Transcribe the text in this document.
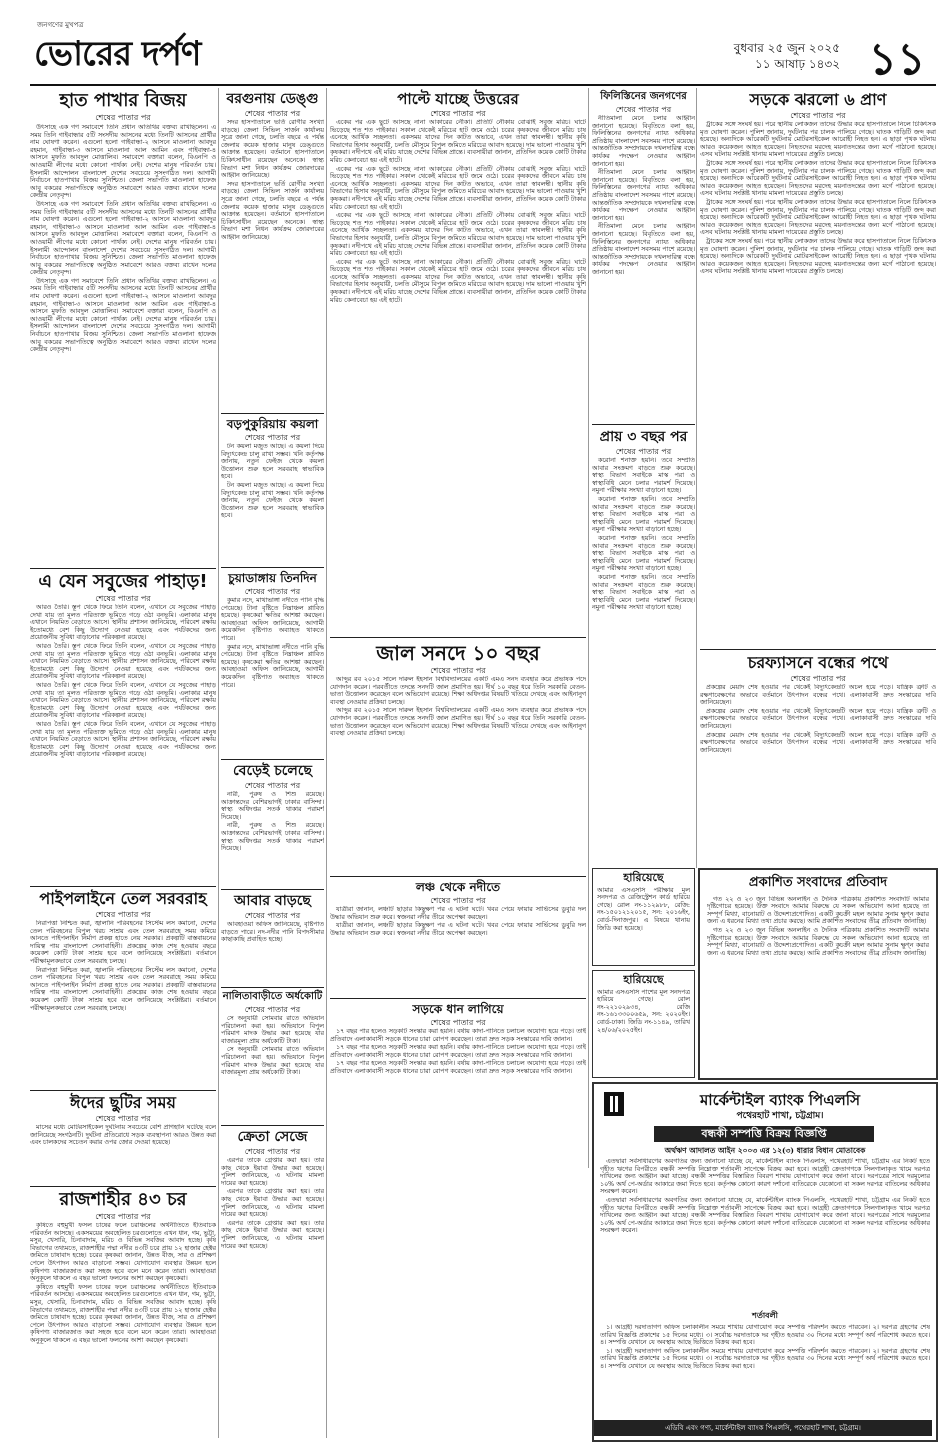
জনগণের মুখপত্র
ভোরের দর্পণ	বুধবার ২৫ জুন ২০২৫
১১ আষাঢ় ১৪৩২ ১১
হাত পাখার বিজয়
শেষের পাতার পর

উৎসাহে এক গণ সমাবেশে তিনি প্রধান অতিথির বক্তব্য রাখছিলেন। এ সময় তিনি গাইবান্ধার ৫টি সংসদীয় আসনের মধ্যে তিনটি আসনের প্রার্থীর নাম ঘোষণা করেন। এগুলো হলো গাইবান্ধা-২ আসনে মাওলানা আবদুর রহমান, গাইবান্ধা-৩ আসনে মাওলানা আল আমিন এবং গাইবান্ধা-৪ আসনে মুফতি আবদুল মোত্তালিব। সমাবেশে বক্তারা বলেন, বিএনপি ও আওয়ামী লীগের মধ্যে কোনো পার্থক্য নেই। দেশের মানুষ পরিবর্তন চায়। ইসলামী আন্দোলন বাংলাদেশ দেশের সবচেয়ে সুসংগঠিত দল। আগামী নির্বাচনে হাতপাখার বিজয় সুনিশ্চিত। জেলা সভাপতি মাওলানা হাফেজ আবু বকরের সভাপতিত্বে অনুষ্ঠিত সমাবেশে আরও বক্তব্য রাখেন দলের কেন্দ্রীয় নেতৃবৃন্দ।

উৎসাহে এক গণ সমাবেশে তিনি প্রধান অতিথির বক্তব্য রাখছিলেন। এ সময় তিনি গাইবান্ধার ৫টি সংসদীয় আসনের মধ্যে তিনটি আসনের প্রার্থীর নাম ঘোষণা করেন। এগুলো হলো গাইবান্ধা-২ আসনে মাওলানা আবদুর রহমান, গাইবান্ধা-৩ আসনে মাওলানা আল আমিন এবং গাইবান্ধা-৪ আসনে মুফতি আবদুল মোত্তালিব। সমাবেশে বক্তারা বলেন, বিএনপি ও আওয়ামী লীগের মধ্যে কোনো পার্থক্য নেই। দেশের মানুষ পরিবর্তন চায়। ইসলামী আন্দোলন বাংলাদেশ দেশের সবচেয়ে সুসংগঠিত দল। আগামী নির্বাচনে হাতপাখার বিজয় সুনিশ্চিত। জেলা সভাপতি মাওলানা হাফেজ আবু বকরের সভাপতিত্বে অনুষ্ঠিত সমাবেশে আরও বক্তব্য রাখেন দলের কেন্দ্রীয় নেতৃবৃন্দ।

উৎসাহে এক গণ সমাবেশে তিনি প্রধান অতিথির বক্তব্য রাখছিলেন। এ সময় তিনি গাইবান্ধার ৫টি সংসদীয় আসনের মধ্যে তিনটি আসনের প্রার্থীর নাম ঘোষণা করেন। এগুলো হলো গাইবান্ধা-২ আসনে মাওলানা আবদুর রহমান, গাইবান্ধা-৩ আসনে মাওলানা আল আমিন এবং গাইবান্ধা-৪ আসনে মুফতি আবদুল মোত্তালিব। সমাবেশে বক্তারা বলেন, বিএনপি ও আওয়ামী লীগের মধ্যে কোনো পার্থক্য নেই। দেশের মানুষ পরিবর্তন চায়। ইসলামী আন্দোলন বাংলাদেশ দেশের সবচেয়ে সুসংগঠিত দল। আগামী নির্বাচনে হাতপাখার বিজয় সুনিশ্চিত। জেলা সভাপতি মাওলানা হাফেজ আবু বকরের সভাপতিত্বে অনুষ্ঠিত সমাবেশে আরও বক্তব্য রাখেন দলের কেন্দ্রীয় নেতৃবৃন্দ।

এ যেন সবুজের পাহাড়!
শেষের পাতার পর

আরও তৈরি। স্তূপ থেকে ফিরে তিনি বলেন, এখানে যে সবুজের পাহাড় দেখা যায় তা মূলত পরিত্যক্ত ভূমিতে গড়ে ওঠা বনভূমি। এলাকার মানুষ এখানে নিয়মিত বেড়াতে আসে। স্থানীয় প্রশাসন জানিয়েছে, পরিবেশ রক্ষায় ইতোমধ্যে বেশ কিছু উদ্যোগ নেওয়া হয়েছে এবং পর্যটকদের জন্য প্রয়োজনীয় সুবিধা বাড়ানোর পরিকল্পনা রয়েছে।

আরও তৈরি। স্তূপ থেকে ফিরে তিনি বলেন, এখানে যে সবুজের পাহাড় দেখা যায় তা মূলত পরিত্যক্ত ভূমিতে গড়ে ওঠা বনভূমি। এলাকার মানুষ এখানে নিয়মিত বেড়াতে আসে। স্থানীয় প্রশাসন জানিয়েছে, পরিবেশ রক্ষায় ইতোমধ্যে বেশ কিছু উদ্যোগ নেওয়া হয়েছে এবং পর্যটকদের জন্য প্রয়োজনীয় সুবিধা বাড়ানোর পরিকল্পনা রয়েছে।

আরও তৈরি। স্তূপ থেকে ফিরে তিনি বলেন, এখানে যে সবুজের পাহাড় দেখা যায় তা মূলত পরিত্যক্ত ভূমিতে গড়ে ওঠা বনভূমি। এলাকার মানুষ এখানে নিয়মিত বেড়াতে আসে। স্থানীয় প্রশাসন জানিয়েছে, পরিবেশ রক্ষায় ইতোমধ্যে বেশ কিছু উদ্যোগ নেওয়া হয়েছে এবং পর্যটকদের জন্য প্রয়োজনীয় সুবিধা বাড়ানোর পরিকল্পনা রয়েছে।

আরও তৈরি। স্তূপ থেকে ফিরে তিনি বলেন, এখানে যে সবুজের পাহাড় দেখা যায় তা মূলত পরিত্যক্ত ভূমিতে গড়ে ওঠা বনভূমি। এলাকার মানুষ এখানে নিয়মিত বেড়াতে আসে। স্থানীয় প্রশাসন জানিয়েছে, পরিবেশ রক্ষায় ইতোমধ্যে বেশ কিছু উদ্যোগ নেওয়া হয়েছে এবং পর্যটকদের জন্য প্রয়োজনীয় সুবিধা বাড়ানোর পরিকল্পনা রয়েছে।

পাইপলাইনে তেল সরবরাহ
শেষের পাতার পর

নিরাপত্তা নিশ্চিত করা, জ্বালানি পরিবহনের সিস্টেম লস কমানো, দেশের তেল পরিবহনের বিপুল খরচ সাশ্রয় এবং তেল সরবরাহে সময় কমিয়ে আনতে পাইপলাইন নির্মাণ প্রকল্প হাতে নেয় সরকার। প্রকল্পটি বাস্তবায়নের দায়িত্ব পায় বাংলাদেশ সেনাবাহিনী। প্রকল্পের কাজ শেষ হওয়ায় বছরে কয়েকশ কোটি টাকা সাশ্রয় হবে বলে জানিয়েছে সংশ্লিষ্টরা। বর্তমানে পরীক্ষামূলকভাবে তেল সরবরাহ চলছে।

নিরাপত্তা নিশ্চিত করা, জ্বালানি পরিবহনের সিস্টেম লস কমানো, দেশের তেল পরিবহনের বিপুল খরচ সাশ্রয় এবং তেল সরবরাহে সময় কমিয়ে আনতে পাইপলাইন নির্মাণ প্রকল্প হাতে নেয় সরকার। প্রকল্পটি বাস্তবায়নের দায়িত্ব পায় বাংলাদেশ সেনাবাহিনী। প্রকল্পের কাজ শেষ হওয়ায় বছরে কয়েকশ কোটি টাকা সাশ্রয় হবে বলে জানিয়েছে সংশ্লিষ্টরা। বর্তমানে পরীক্ষামূলকভাবে তেল সরবরাহ চলছে।

ঈদের ছুটির সময়
শেষের পাতার পর

মাসের মধ্যে মোটরসাইকেল দুর্ঘটনায় সবচেয়ে বেশি প্রাণহানি ঘটেছে বলে জানিয়েছে সংগঠনটি। দুর্ঘটনা প্রতিরোধে সড়ক ব্যবস্থাপনা আরও উন্নত করা এবং চালকদের সচেতন করার ওপর জোর দেওয়া হয়েছে।

রাজশাহীর ৪৩ চর
শেষের পাতার পর

কৃষিতে বহুমুখী ফসল চাষের ফলে চরাঞ্চলের অর্থনীতিতে ইতিবাচক পরিবর্তন আসছে। একসময়ের অবহেলিত চরগুলোতে এখন ধান, গম, ভুট্টা, মসুর, খেসারি, চিনাবাদাম, মরিচ ও বিভিন্ন সবজির আবাদ হচ্ছে। কৃষি বিভাগের তথ্যমতে, রাজশাহীর পদ্মা নদীর ৪৩টি চরে প্রায় ১২ হাজার হেক্টর জমিতে চাষাবাদ হচ্ছে। চরের কৃষকরা জানান, উন্নত বীজ, সার ও প্রশিক্ষণ পেলে উৎপাদন আরও বাড়ানো সম্ভব। যোগাযোগ ব্যবস্থার উন্নয়ন হলে কৃষিপণ্য বাজারজাত করা সহজ হবে বলে মনে করেন তারা। আবহাওয়া অনুকূলে থাকলে এ বছর ভালো ফলনের আশা করছেন কৃষকেরা।

কৃষিতে বহুমুখী ফসল চাষের ফলে চরাঞ্চলের অর্থনীতিতে ইতিবাচক পরিবর্তন আসছে। একসময়ের অবহেলিত চরগুলোতে এখন ধান, গম, ভুট্টা, মসুর, খেসারি, চিনাবাদাম, মরিচ ও বিভিন্ন সবজির আবাদ হচ্ছে। কৃষি বিভাগের তথ্যমতে, রাজশাহীর পদ্মা নদীর ৪৩টি চরে প্রায় ১২ হাজার হেক্টর জমিতে চাষাবাদ হচ্ছে। চরের কৃষকরা জানান, উন্নত বীজ, সার ও প্রশিক্ষণ পেলে উৎপাদন আরও বাড়ানো সম্ভব। যোগাযোগ ব্যবস্থার উন্নয়ন হলে কৃষিপণ্য বাজারজাত করা সহজ হবে বলে মনে করেন তারা। আবহাওয়া অনুকূলে থাকলে এ বছর ভালো ফলনের আশা করছেন কৃষকেরা।

বরগুনায় ডেঙ্গু
শেষের পাতার পর

সদর হাসপাতালে ভর্তি রোগীর সংখ্যা বাড়ছে। জেলা সিভিল সার্জন কার্যালয় সূত্রে জানা গেছে, চলতি বছরে এ পর্যন্ত জেলায় কয়েক হাজার মানুষ ডেঙ্গুতে আক্রান্ত হয়েছেন। বর্তমানে হাসপাতালে চিকিৎসাধীন রয়েছেন অনেকে। স্বাস্থ্য বিভাগ মশা নিধন কার্যক্রম জোরদারের আহ্বান জানিয়েছে।

সদর হাসপাতালে ভর্তি রোগীর সংখ্যা বাড়ছে। জেলা সিভিল সার্জন কার্যালয় সূত্রে জানা গেছে, চলতি বছরে এ পর্যন্ত জেলায় কয়েক হাজার মানুষ ডেঙ্গুতে আক্রান্ত হয়েছেন। বর্তমানে হাসপাতালে চিকিৎসাধীন রয়েছেন অনেকে। স্বাস্থ্য বিভাগ মশা নিধন কার্যক্রম জোরদারের আহ্বান জানিয়েছে।

বড়পুকুরিয়ায় কয়লা
শেষের পাতার পর

টন কয়লা মজুত আছে। এ কয়লা দিয়ে বিদ্যুৎকেন্দ্র চালু রাখা সম্ভব। খনি কর্তৃপক্ষ জানায়, নতুন ফেইজ থেকে কয়লা উত্তোলন শুরু হলে সরবরাহ স্বাভাবিক হবে।

টন কয়লা মজুত আছে। এ কয়লা দিয়ে বিদ্যুৎকেন্দ্র চালু রাখা সম্ভব। খনি কর্তৃপক্ষ জানায়, নতুন ফেইজ থেকে কয়লা উত্তোলন শুরু হলে সরবরাহ স্বাভাবিক হবে।

চুয়াডাঙ্গায় তিনদিন
শেষের পাতার পর

কুমার নদে, মাথাভাঙ্গা নদীতে পানি বৃদ্ধি পেয়েছে। টানা বৃষ্টিতে নিম্নাঞ্চল প্লাবিত হয়েছে। কৃষকেরা ক্ষতির আশঙ্কা করছেন। আবহাওয়া অফিস জানিয়েছে, আগামী কয়েকদিন বৃষ্টিপাত অব্যাহত থাকতে পারে।

কুমার নদে, মাথাভাঙ্গা নদীতে পানি বৃদ্ধি পেয়েছে। টানা বৃষ্টিতে নিম্নাঞ্চল প্লাবিত হয়েছে। কৃষকেরা ক্ষতির আশঙ্কা করছেন। আবহাওয়া অফিস জানিয়েছে, আগামী কয়েকদিন বৃষ্টিপাত অব্যাহত থাকতে পারে।

বেড়েই চলেছে
শেষের পাতার পর

নারী, পুরুষ ও শিশু রয়েছে। আক্রান্তদের বেশিরভাগই ঢাকার বাসিন্দা। স্বাস্থ্য অধিদপ্তর সতর্ক থাকার পরামর্শ দিয়েছে।

নারী, পুরুষ ও শিশু রয়েছে। আক্রান্তদের বেশিরভাগই ঢাকার বাসিন্দা। স্বাস্থ্য অধিদপ্তর সতর্ক থাকার পরামর্শ দিয়েছে।

আবার বাড়ছে
শেষের পাতার পর

আবহাওয়া অফিস জানিয়েছে, বৃষ্টিপাত বাড়তে পারে। নদ-নদীর পানি বিপদসীমার কাছাকাছি প্রবাহিত হচ্ছে।

নালিতাবাড়ীতে অর্ধকোটি
শেষের পাতার পর

সে অনুযায়ী সোমবার রাতে অভিযান পরিচালনা করা হয়। অভিযানে বিপুল পরিমাণ মাদক উদ্ধার করা হয়েছে যার বাজারমূল্য প্রায় অর্ধকোটি টাকা।

সে অনুযায়ী সোমবার রাতে অভিযান পরিচালনা করা হয়। অভিযানে বিপুল পরিমাণ মাদক উদ্ধার করা হয়েছে যার বাজারমূল্য প্রায় অর্ধকোটি টাকা।

ক্রেতা সেজে
শেষের পাতার পর

এরপর তাকে গ্রেপ্তার করা হয়। তার কাছ থেকে ইয়াবা উদ্ধার করা হয়েছে। পুলিশ জানিয়েছে, এ ঘটনায় মামলা দায়ের করা হয়েছে।

এরপর তাকে গ্রেপ্তার করা হয়। তার কাছ থেকে ইয়াবা উদ্ধার করা হয়েছে। পুলিশ জানিয়েছে, এ ঘটনায় মামলা দায়ের করা হয়েছে।

এরপর তাকে গ্রেপ্তার করা হয়। তার কাছ থেকে ইয়াবা উদ্ধার করা হয়েছে। পুলিশ জানিয়েছে, এ ঘটনায় মামলা দায়ের করা হয়েছে।

পাল্টে যাচ্ছে উত্তরের
শেষের পাতার পর

একের পর এক ছুটে আসছে নানা আকারের নৌকা। প্রতিটি নৌকায় বোঝাই সবুজ মরিচ। ঘাটে ভিড়েছে শত শত পাইকার। সকাল থেকেই মরিচের হাট জমে ওঠে। চরের কৃষকদের জীবনে মরিচ চাষ এনেছে আর্থিক সচ্ছলতা। একসময় যাদের দিন কাটত অভাবে, এখন তারা স্বাবলম্বী। স্থানীয় কৃষি বিভাগের হিসাব অনুযায়ী, চলতি মৌসুমে বিপুল জমিতে মরিচের আবাদ হয়েছে। দাম ভালো পাওয়ায় খুশি কৃষকরা। নদীপথে এই মরিচ যাচ্ছে দেশের বিভিন্ন প্রান্তে। ব্যবসায়ীরা জানান, প্রতিদিন কয়েক কোটি টাকার মরিচ কেনাবেচা হয় এই হাটে।

একের পর এক ছুটে আসছে নানা আকারের নৌকা। প্রতিটি নৌকায় বোঝাই সবুজ মরিচ। ঘাটে ভিড়েছে শত শত পাইকার। সকাল থেকেই মরিচের হাট জমে ওঠে। চরের কৃষকদের জীবনে মরিচ চাষ এনেছে আর্থিক সচ্ছলতা। একসময় যাদের দিন কাটত অভাবে, এখন তারা স্বাবলম্বী। স্থানীয় কৃষি বিভাগের হিসাব অনুযায়ী, চলতি মৌসুমে বিপুল জমিতে মরিচের আবাদ হয়েছে। দাম ভালো পাওয়ায় খুশি কৃষকরা। নদীপথে এই মরিচ যাচ্ছে দেশের বিভিন্ন প্রান্তে। ব্যবসায়ীরা জানান, প্রতিদিন কয়েক কোটি টাকার মরিচ কেনাবেচা হয় এই হাটে।

একের পর এক ছুটে আসছে নানা আকারের নৌকা। প্রতিটি নৌকায় বোঝাই সবুজ মরিচ। ঘাটে ভিড়েছে শত শত পাইকার। সকাল থেকেই মরিচের হাট জমে ওঠে। চরের কৃষকদের জীবনে মরিচ চাষ এনেছে আর্থিক সচ্ছলতা। একসময় যাদের দিন কাটত অভাবে, এখন তারা স্বাবলম্বী। স্থানীয় কৃষি বিভাগের হিসাব অনুযায়ী, চলতি মৌসুমে বিপুল জমিতে মরিচের আবাদ হয়েছে। দাম ভালো পাওয়ায় খুশি কৃষকরা। নদীপথে এই মরিচ যাচ্ছে দেশের বিভিন্ন প্রান্তে। ব্যবসায়ীরা জানান, প্রতিদিন কয়েক কোটি টাকার মরিচ কেনাবেচা হয় এই হাটে।

একের পর এক ছুটে আসছে নানা আকারের নৌকা। প্রতিটি নৌকায় বোঝাই সবুজ মরিচ। ঘাটে ভিড়েছে শত শত পাইকার। সকাল থেকেই মরিচের হাট জমে ওঠে। চরের কৃষকদের জীবনে মরিচ চাষ এনেছে আর্থিক সচ্ছলতা। একসময় যাদের দিন কাটত অভাবে, এখন তারা স্বাবলম্বী। স্থানীয় কৃষি বিভাগের হিসাব অনুযায়ী, চলতি মৌসুমে বিপুল জমিতে মরিচের আবাদ হয়েছে। দাম ভালো পাওয়ায় খুশি কৃষকরা। নদীপথে এই মরিচ যাচ্ছে দেশের বিভিন্ন প্রান্তে। ব্যবসায়ীরা জানান, প্রতিদিন কয়েক কোটি টাকার মরিচ কেনাবেচা হয় এই হাটে।

জাল সনদে ১০ বছর
শেষের পাতার পর

আব্দুর রব ২০১৫ সালে দারুল ইহসান বিশ্ববিদ্যালয়ের একটি এমএ সনদ ব্যবহার করে প্রভাষক পদে যোগদান করেন। পরবর্তীতে তদন্তে সনদটি জাল প্রমাণিত হয়। দীর্ঘ ১০ বছর ধরে তিনি সরকারি বেতন-ভাতা উত্তোলন করেছেন বলে অভিযোগ রয়েছে। শিক্ষা অধিদপ্তর বিষয়টি খতিয়ে দেখছে এবং আইনানুগ ব্যবস্থা নেওয়ার প্রক্রিয়া চলছে।

আব্দুর রব ২০১৫ সালে দারুল ইহসান বিশ্ববিদ্যালয়ের একটি এমএ সনদ ব্যবহার করে প্রভাষক পদে যোগদান করেন। পরবর্তীতে তদন্তে সনদটি জাল প্রমাণিত হয়। দীর্ঘ ১০ বছর ধরে তিনি সরকারি বেতন-ভাতা উত্তোলন করেছেন বলে অভিযোগ রয়েছে। শিক্ষা অধিদপ্তর বিষয়টি খতিয়ে দেখছে এবং আইনানুগ ব্যবস্থা নেওয়ার প্রক্রিয়া চলছে।

লঞ্চ থেকে নদীতে
শেষের পাতার পর

যাত্রীরা জানান, লঞ্চটি ছাড়ার কিছুক্ষণ পর এ ঘটনা ঘটে। খবর পেয়ে ফায়ার সার্ভিসের ডুবুরি দল উদ্ধার অভিযান শুরু করে। স্বজনরা নদীর তীরে অপেক্ষা করছেন।

যাত্রীরা জানান, লঞ্চটি ছাড়ার কিছুক্ষণ পর এ ঘটনা ঘটে। খবর পেয়ে ফায়ার সার্ভিসের ডুবুরি দল উদ্ধার অভিযান শুরু করে। স্বজনরা নদীর তীরে অপেক্ষা করছেন।

সড়কে ধান লাগিয়ে
শেষের পাতার পর

১৭ বছর পার হলেও সড়কটি সংস্কার করা হয়নি। বর্ষায় কাদা-পানিতে চলাচল অযোগ্য হয়ে পড়ে। তাই প্রতিবাদে এলাকাবাসী সড়কে ধানের চারা রোপণ করেছেন। তারা দ্রুত সড়ক সংস্কারের দাবি জানান।

১৭ বছর পার হলেও সড়কটি সংস্কার করা হয়নি। বর্ষায় কাদা-পানিতে চলাচল অযোগ্য হয়ে পড়ে। তাই প্রতিবাদে এলাকাবাসী সড়কে ধানের চারা রোপণ করেছেন। তারা দ্রুত সড়ক সংস্কারের দাবি জানান।

১৭ বছর পার হলেও সড়কটি সংস্কার করা হয়নি। বর্ষায় কাদা-পানিতে চলাচল অযোগ্য হয়ে পড়ে। তাই প্রতিবাদে এলাকাবাসী সড়কে ধানের চারা রোপণ করেছেন। তারা দ্রুত সড়ক সংস্কারের দাবি জানান।

ফিলিস্তিনের জনগণের
শেষের পাতার পর

নীতিমালা মেনে চলার আহ্বান জানানো হয়েছে। বিবৃতিতে বলা হয়, ফিলিস্তিনের জনগণের ন্যায্য অধিকার প্রতিষ্ঠায় বাংলাদেশ সবসময় পাশে রয়েছে। আন্তর্জাতিক সম্প্রদায়কে দখলদারিত্ব বন্ধে কার্যকর পদক্ষেপ নেওয়ার আহ্বান জানানো হয়।

নীতিমালা মেনে চলার আহ্বান জানানো হয়েছে। বিবৃতিতে বলা হয়, ফিলিস্তিনের জনগণের ন্যায্য অধিকার প্রতিষ্ঠায় বাংলাদেশ সবসময় পাশে রয়েছে। আন্তর্জাতিক সম্প্রদায়কে দখলদারিত্ব বন্ধে কার্যকর পদক্ষেপ নেওয়ার আহ্বান জানানো হয়।

নীতিমালা মেনে চলার আহ্বান জানানো হয়েছে। বিবৃতিতে বলা হয়, ফিলিস্তিনের জনগণের ন্যায্য অধিকার প্রতিষ্ঠায় বাংলাদেশ সবসময় পাশে রয়েছে। আন্তর্জাতিক সম্প্রদায়কে দখলদারিত্ব বন্ধে কার্যকর পদক্ষেপ নেওয়ার আহ্বান জানানো হয়।

প্রায় ৩ বছর পর
শেষের পাতার পর

করোনা শনাক্ত হয়নি। তবে সম্প্রতি আবার সংক্রমণ বাড়তে শুরু করেছে। স্বাস্থ্য বিভাগ সবাইকে মাস্ক পরা ও স্বাস্থ্যবিধি মেনে চলার পরামর্শ দিয়েছে। নমুনা পরীক্ষার সংখ্যা বাড়ানো হচ্ছে।

করোনা শনাক্ত হয়নি। তবে সম্প্রতি আবার সংক্রমণ বাড়তে শুরু করেছে। স্বাস্থ্য বিভাগ সবাইকে মাস্ক পরা ও স্বাস্থ্যবিধি মেনে চলার পরামর্শ দিয়েছে। নমুনা পরীক্ষার সংখ্যা বাড়ানো হচ্ছে।

করোনা শনাক্ত হয়নি। তবে সম্প্রতি আবার সংক্রমণ বাড়তে শুরু করেছে। স্বাস্থ্য বিভাগ সবাইকে মাস্ক পরা ও স্বাস্থ্যবিধি মেনে চলার পরামর্শ দিয়েছে। নমুনা পরীক্ষার সংখ্যা বাড়ানো হচ্ছে।

করোনা শনাক্ত হয়নি। তবে সম্প্রতি আবার সংক্রমণ বাড়তে শুরু করেছে। স্বাস্থ্য বিভাগ সবাইকে মাস্ক পরা ও স্বাস্থ্যবিধি মেনে চলার পরামর্শ দিয়েছে। নমুনা পরীক্ষার সংখ্যা বাড়ানো হচ্ছে।

সড়কে ঝরলো ৬ প্রাণ
শেষের পাতার পর

ট্রাকের সঙ্গে সংঘর্ষ হয়। পরে স্থানীয় লোকজন তাদের উদ্ধার করে হাসপাতালে নিলে চিকিৎসক মৃত ঘোষণা করেন। পুলিশ জানায়, দুর্ঘটনার পর চালক পালিয়ে গেছে। ঘাতক গাড়িটি জব্দ করা হয়েছে। অন্যদিকে আরেকটি দুর্ঘটনায় মোটরসাইকেল আরোহী নিহত হন। এ ছাড়া পৃথক ঘটনায় আরও কয়েকজন আহত হয়েছেন। নিহতদের মরদেহ ময়নাতদন্তের জন্য মর্গে পাঠানো হয়েছে। এসব ঘটনায় সংশ্লিষ্ট থানায় মামলা দায়েরের প্রস্তুতি চলছে।

ট্রাকের সঙ্গে সংঘর্ষ হয়। পরে স্থানীয় লোকজন তাদের উদ্ধার করে হাসপাতালে নিলে চিকিৎসক মৃত ঘোষণা করেন। পুলিশ জানায়, দুর্ঘটনার পর চালক পালিয়ে গেছে। ঘাতক গাড়িটি জব্দ করা হয়েছে। অন্যদিকে আরেকটি দুর্ঘটনায় মোটরসাইকেল আরোহী নিহত হন। এ ছাড়া পৃথক ঘটনায় আরও কয়েকজন আহত হয়েছেন। নিহতদের মরদেহ ময়নাতদন্তের জন্য মর্গে পাঠানো হয়েছে। এসব ঘটনায় সংশ্লিষ্ট থানায় মামলা দায়েরের প্রস্তুতি চলছে।

ট্রাকের সঙ্গে সংঘর্ষ হয়। পরে স্থানীয় লোকজন তাদের উদ্ধার করে হাসপাতালে নিলে চিকিৎসক মৃত ঘোষণা করেন। পুলিশ জানায়, দুর্ঘটনার পর চালক পালিয়ে গেছে। ঘাতক গাড়িটি জব্দ করা হয়েছে। অন্যদিকে আরেকটি দুর্ঘটনায় মোটরসাইকেল আরোহী নিহত হন। এ ছাড়া পৃথক ঘটনায় আরও কয়েকজন আহত হয়েছেন। নিহতদের মরদেহ ময়নাতদন্তের জন্য মর্গে পাঠানো হয়েছে। এসব ঘটনায় সংশ্লিষ্ট থানায় মামলা দায়েরের প্রস্তুতি চলছে।

ট্রাকের সঙ্গে সংঘর্ষ হয়। পরে স্থানীয় লোকজন তাদের উদ্ধার করে হাসপাতালে নিলে চিকিৎসক মৃত ঘোষণা করেন। পুলিশ জানায়, দুর্ঘটনার পর চালক পালিয়ে গেছে। ঘাতক গাড়িটি জব্দ করা হয়েছে। অন্যদিকে আরেকটি দুর্ঘটনায় মোটরসাইকেল আরোহী নিহত হন। এ ছাড়া পৃথক ঘটনায় আরও কয়েকজন আহত হয়েছেন। নিহতদের মরদেহ ময়নাতদন্তের জন্য মর্গে পাঠানো হয়েছে। এসব ঘটনায় সংশ্লিষ্ট থানায় মামলা দায়েরের প্রস্তুতি চলছে।

চরফ্যাসনে বন্ধের পথে
শেষের পাতার পর

প্রকল্পের মেয়াদ শেষ হওয়ার পর থেকেই বিদ্যুৎকেন্দ্রটি অচল হয়ে পড়ে। যান্ত্রিক ত্রুটি ও রক্ষণাবেক্ষণের অভাবে বর্তমানে উৎপাদন বন্ধের পথে। এলাকাবাসী দ্রুত সংস্কারের দাবি জানিয়েছেন।

প্রকল্পের মেয়াদ শেষ হওয়ার পর থেকেই বিদ্যুৎকেন্দ্রটি অচল হয়ে পড়ে। যান্ত্রিক ত্রুটি ও রক্ষণাবেক্ষণের অভাবে বর্তমানে উৎপাদন বন্ধের পথে। এলাকাবাসী দ্রুত সংস্কারের দাবি জানিয়েছেন।

প্রকল্পের মেয়াদ শেষ হওয়ার পর থেকেই বিদ্যুৎকেন্দ্রটি অচল হয়ে পড়ে। যান্ত্রিক ত্রুটি ও রক্ষণাবেক্ষণের অভাবে বর্তমানে উৎপাদন বন্ধের পথে। এলাকাবাসী দ্রুত সংস্কারের দাবি জানিয়েছেন।

হারিয়েছে
আমার এসএসসি পরীক্ষার মূল সনদপত্র ও রেজিস্ট্রেশন কার্ড হারিয়ে গেছে। রোল নং-১১২৯৮৮, রেজি: নং-১৫০১২১২০১৫, সন: ২০১৬ইং, বোর্ড-দিনাজপুর। এ বিষয়ে থানায় জিডি করা হয়েছে।
হারিয়েছে
আমার এসএসসি পাশের মূল সনদপত্র হারিয়ে গেছে। রোল নং-২২১০২৯৩৪, রেজি নং-১৬১৩৩০০৬৫৯, সন: ২০২০ইং। বোর্ড-ঢাকা। জিডি নং-১১৪৯, তারিখ ২৪/০৬/২০২৫ইং।
প্রকাশিত সংবাদের প্রতিবাদ

গত ২২ ও ২৩ জুন বিভিন্ন অনলাইন ও দৈনিক পত্রিকায় প্রকাশিত সংবাদটি আমার দৃষ্টিগোচর হয়েছে। উক্ত সংবাদে আমার বিরুদ্ধে যে সকল অভিযোগ আনা হয়েছে তা সম্পূর্ণ মিথ্যা, বানোয়াট ও উদ্দেশ্যপ্রণোদিত। একটি কুচক্রী মহল আমার সুনাম ক্ষুণ্ন করার জন্য এ ধরনের মিথ্যা তথ্য প্রচার করছে। আমি প্রকাশিত সংবাদের তীব্র প্রতিবাদ জানাচ্ছি।

গত ২২ ও ২৩ জুন বিভিন্ন অনলাইন ও দৈনিক পত্রিকায় প্রকাশিত সংবাদটি আমার দৃষ্টিগোচর হয়েছে। উক্ত সংবাদে আমার বিরুদ্ধে যে সকল অভিযোগ আনা হয়েছে তা সম্পূর্ণ মিথ্যা, বানোয়াট ও উদ্দেশ্যপ্রণোদিত। একটি কুচক্রী মহল আমার সুনাম ক্ষুণ্ন করার জন্য এ ধরনের মিথ্যা তথ্য প্রচার করছে। আমি প্রকাশিত সংবাদের তীব্র প্রতিবাদ জানাচ্ছি।

মার্কেন্টাইল ব্যাংক পিএলসি
পথেরহাট শাখা, চট্টগ্রাম।
বন্ধকী সম্পত্তি বিক্রয় বিজ্ঞপ্তি
অর্থঋণ আদালত আইন ২০০৩ এর ১২(৩) ধারার বিধান মোতাবেক

এতদ্বারা সর্বসাধারণের অবগতির জন্য জানানো যাচ্ছে যে, মার্কেন্টাইল ব্যাংক পিএলসি, পথেরহাট শাখা, চট্টগ্রাম এর নিকট হতে গৃহীত ঋণের বিপরীতে বন্ধকী সম্পত্তি নিম্নোক্ত শর্তাবলী সাপেক্ষে বিক্রয় করা হবে। আগ্রহী ক্রেতাগণকে সিলগালাকৃত খামে দরপত্র দাখিলের জন্য আহ্বান করা যাচ্ছে। বন্ধকী সম্পত্তির বিস্তারিত বিবরণ শাখায় যোগাযোগ করে জানা যাবে। দরপত্রের সাথে দরমূল্যের ১০% অর্থ পে-অর্ডার আকারে জমা দিতে হবে। কর্তৃপক্ষ কোনো কারণ দর্শানো ব্যতিরেকে যেকোনো বা সকল দরপত্র বাতিলের অধিকার সংরক্ষণ করেন।

এতদ্বারা সর্বসাধারণের অবগতির জন্য জানানো যাচ্ছে যে, মার্কেন্টাইল ব্যাংক পিএলসি, পথেরহাট শাখা, চট্টগ্রাম এর নিকট হতে গৃহীত ঋণের বিপরীতে বন্ধকী সম্পত্তি নিম্নোক্ত শর্তাবলী সাপেক্ষে বিক্রয় করা হবে। আগ্রহী ক্রেতাগণকে সিলগালাকৃত খামে দরপত্র দাখিলের জন্য আহ্বান করা যাচ্ছে। বন্ধকী সম্পত্তির বিস্তারিত বিবরণ শাখায় যোগাযোগ করে জানা যাবে। দরপত্রের সাথে দরমূল্যের ১০% অর্থ পে-অর্ডার আকারে জমা দিতে হবে। কর্তৃপক্ষ কোনো কারণ দর্শানো ব্যতিরেকে যেকোনো বা সকল দরপত্র বাতিলের অধিকার সংরক্ষণ করেন।

শর্তাবলী

১। আগ্রহী দরদাতাগণ অফিস চলাকালীন সময়ে শাখায় যোগাযোগ করে সম্পত্তি পরিদর্শন করতে পারবেন। ২। দরপত্র গ্রহণের শেষ তারিখ বিজ্ঞপ্তি প্রকাশের ১৫ দিনের মধ্যে। ৩। সর্বোচ্চ দরদাতাকে দর গৃহীত হওয়ার ৩০ দিনের মধ্যে সম্পূর্ণ অর্থ পরিশোধ করতে হবে। ৪। সম্পত্তি যেখানে যে অবস্থায় আছে ভিত্তিতে বিক্রয় করা হবে।

১। আগ্রহী দরদাতাগণ অফিস চলাকালীন সময়ে শাখায় যোগাযোগ করে সম্পত্তি পরিদর্শন করতে পারবেন। ২। দরপত্র গ্রহণের শেষ তারিখ বিজ্ঞপ্তি প্রকাশের ১৫ দিনের মধ্যে। ৩। সর্বোচ্চ দরদাতাকে দর গৃহীত হওয়ার ৩০ দিনের মধ্যে সম্পূর্ণ অর্থ পরিশোধ করতে হবে। ৪। সম্পত্তি যেখানে যে অবস্থায় আছে ভিত্তিতে বিক্রয় করা হবে।

এডিবি এবং গণ্য, মার্কেন্টাইল ব্যাংক পিএলসি, পথেরহাট শাখা, চট্টগ্রাম।
